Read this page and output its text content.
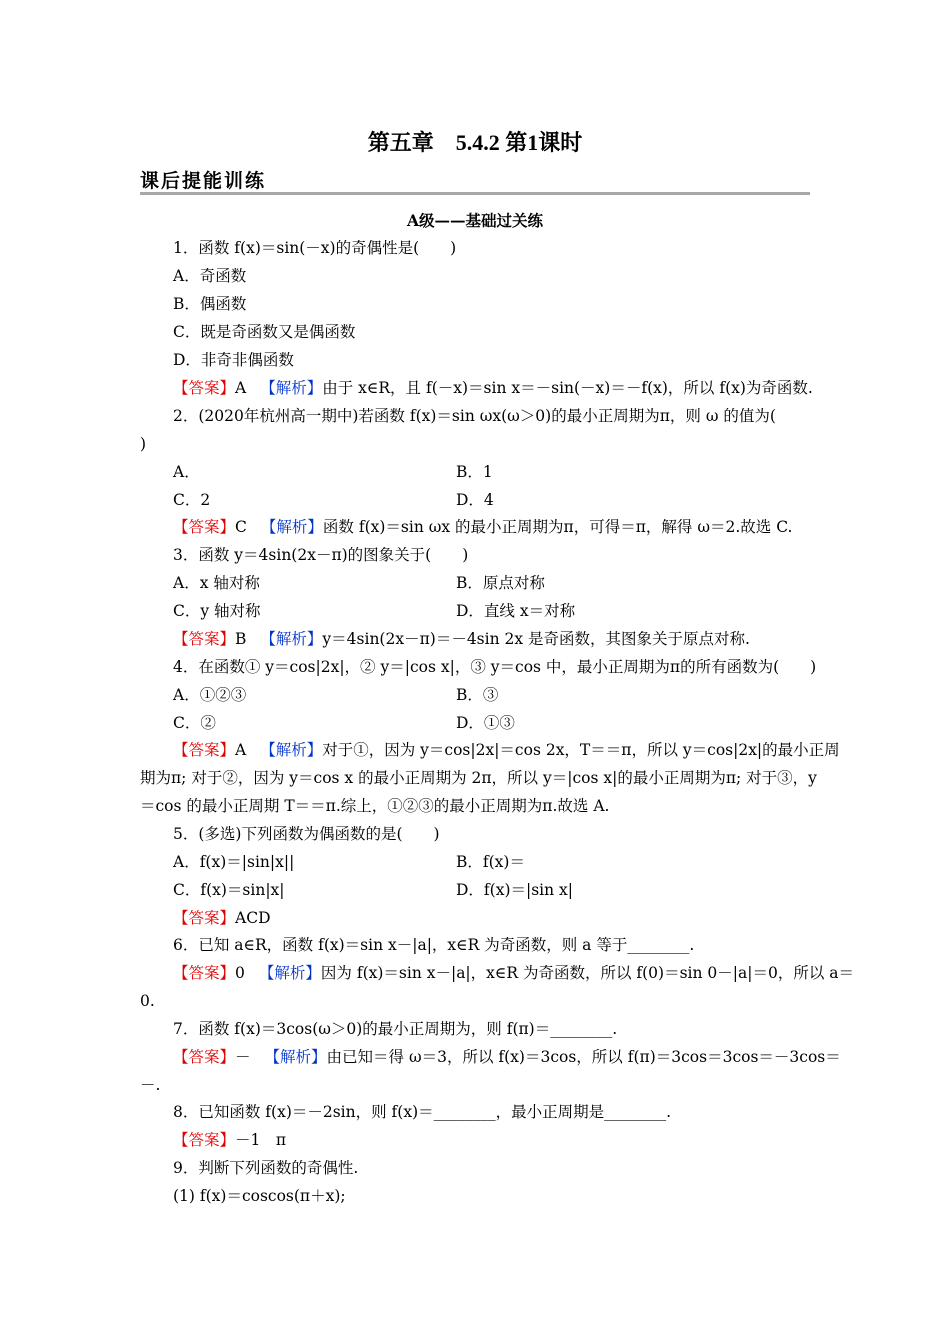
第五章　5.4.2 第1课时
课后提能训练
A级——基础过关练
1．函数 f(x)＝sin(－x)的奇偶性是(　　)
A．奇函数
B．偶函数
C．既是奇函数又是偶函数
D．非奇非偶函数
【答案】A 【解析】由于 x∈R，且 f(－x)＝sin x＝－sin(－x)＝－f(x)，所以 f(x)为奇函数.
2．(2020年杭州高一期中)若函数 f(x)＝sin ωx(ω＞0)的最小正周期为π，则 ω 的值为(
)
A．	B．1
C．2	D．4
【答案】C 【解析】函数 f(x)＝sin ωx 的最小正周期为π，可得＝π，解得 ω＝2.故选 C.
3．函数 y＝4sin(2x－π)的图象关于(　　)
A．x 轴对称	B．原点对称
C．y 轴对称	D．直线 x＝对称
【答案】B 【解析】y＝4sin(2x－π)＝－4sin 2x 是奇函数，其图象关于原点对称.
4．在函数① y＝cos|2x|，② y＝|cos x|，③ y＝cos 中，最小正周期为π的所有函数为(　　)
A．①②③	B．③
C．②	D．①③
【答案】A 【解析】对于①，因为 y＝cos|2x|＝cos 2x，T＝＝π，所以 y＝cos|2x|的最小正周
期为π; 对于②，因为 y＝cos x 的最小正周期为 2π，所以 y＝|cos x|的最小正周期为π; 对于③，y
＝cos 的最小正周期 T＝＝π.综上，①②③的最小正周期为π.故选 A.
5．(多选)下列函数为偶函数的是(　　)
A．f(x)＝|sin|x||	B．f(x)＝
C．f(x)＝sin|x|	D．f(x)＝|sin x|
【答案】ACD
6．已知 a∈R，函数 f(x)＝sin x－|a|，x∈R 为奇函数，则 a 等于________.
【答案】0 【解析】因为 f(x)＝sin x－|a|，x∈R 为奇函数，所以 f(0)＝sin 0－|a|＝0，所以 a＝
0.
7．函数 f(x)＝3cos(ω＞0)的最小正周期为，则 f(π)＝________.
【答案】－ 【解析】由已知＝得 ω＝3，所以 f(x)＝3cos，所以 f(π)＝3cos＝3cos＝－3cos＝
－.
8．已知函数 f(x)＝－2sin，则 f(x)＝________，最小正周期是________.
【答案】－1　π
9．判断下列函数的奇偶性.
(1) f(x)＝coscos(π＋x);
